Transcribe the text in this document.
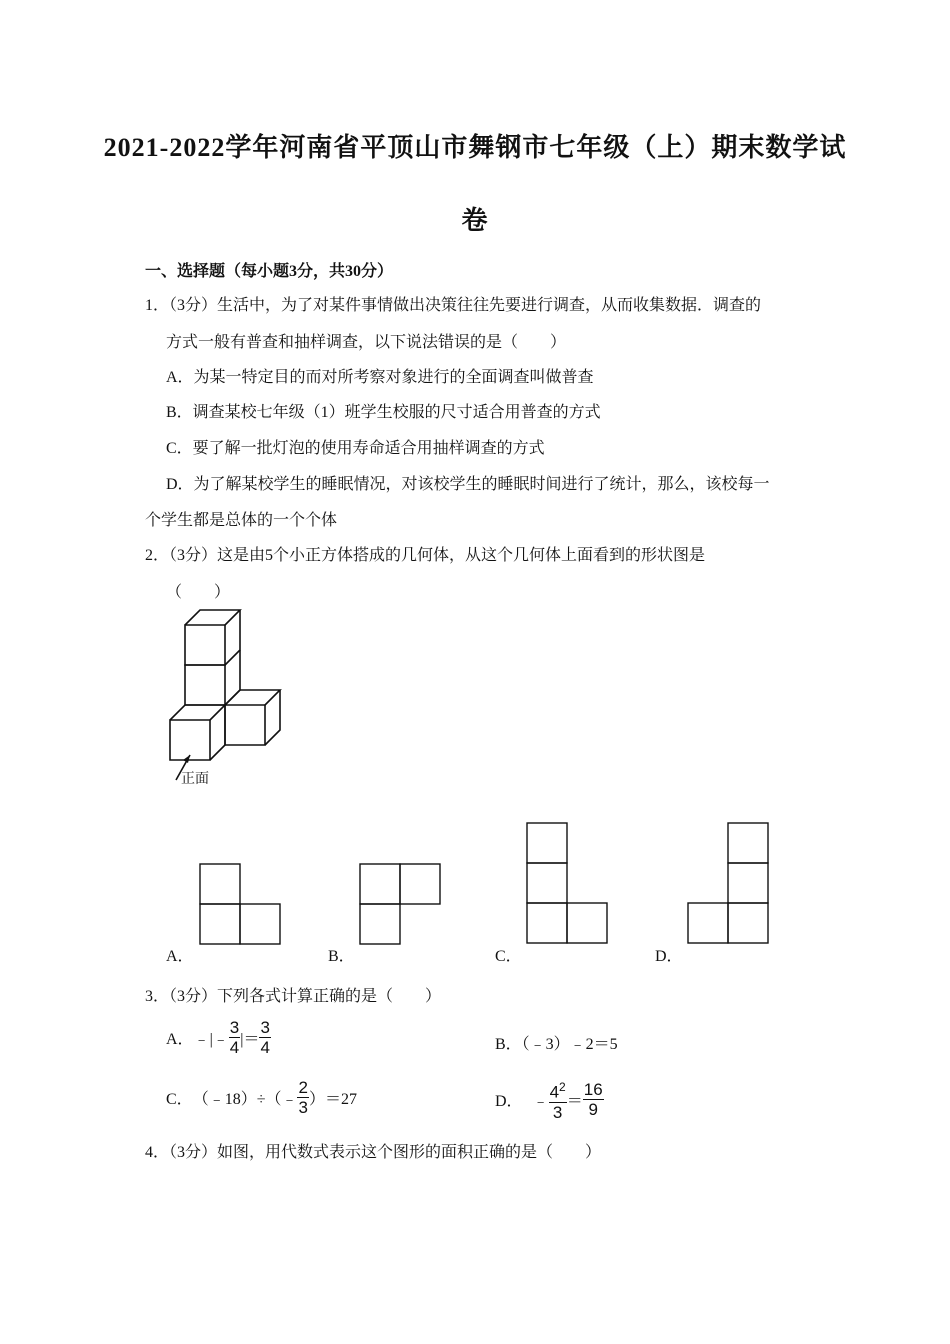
2021-2022学年河南省平顶山市舞钢市七年级（上）期末数学试
卷
一、选择题（每小题3分，共30分）
1．（3分）生活中，为了对某件事情做出决策往往先要进行调查，从而收集数据．调查的
方式一般有普查和抽样调查，以下说法错误的是（　　）
A．为某一特定目的而对所考察对象进行的全面调查叫做普查
B．调查某校七年级（1）班学生校服的尺寸适合用普查的方式
C．要了解一批灯泡的使用寿命适合用抽样调查的方式
D．为了解某校学生的睡眠情况，对该校学生的睡眠时间进行了统计，那么，该校每一
个学生都是总体的一个个体
2．（3分）这是由5个小正方体搭成的几何体，从这个几何体上面看到的形状图是
（　　）
正面
A．	B．	C．	D．
3．（3分）下列各式计算正确的是（　　）
A． ﹣|﹣ $\frac{3}{4}$ |＝ $\frac{3}{4}$	B．（﹣3）﹣2＝5
C． （﹣18）÷（﹣ $\frac{2}{3} )=27$	D． ﹣ $\frac{4^2}{3} = \frac{16}{9}$
4．（3分）如图，用代数式表示这个图形的面积正确的是（　　）
